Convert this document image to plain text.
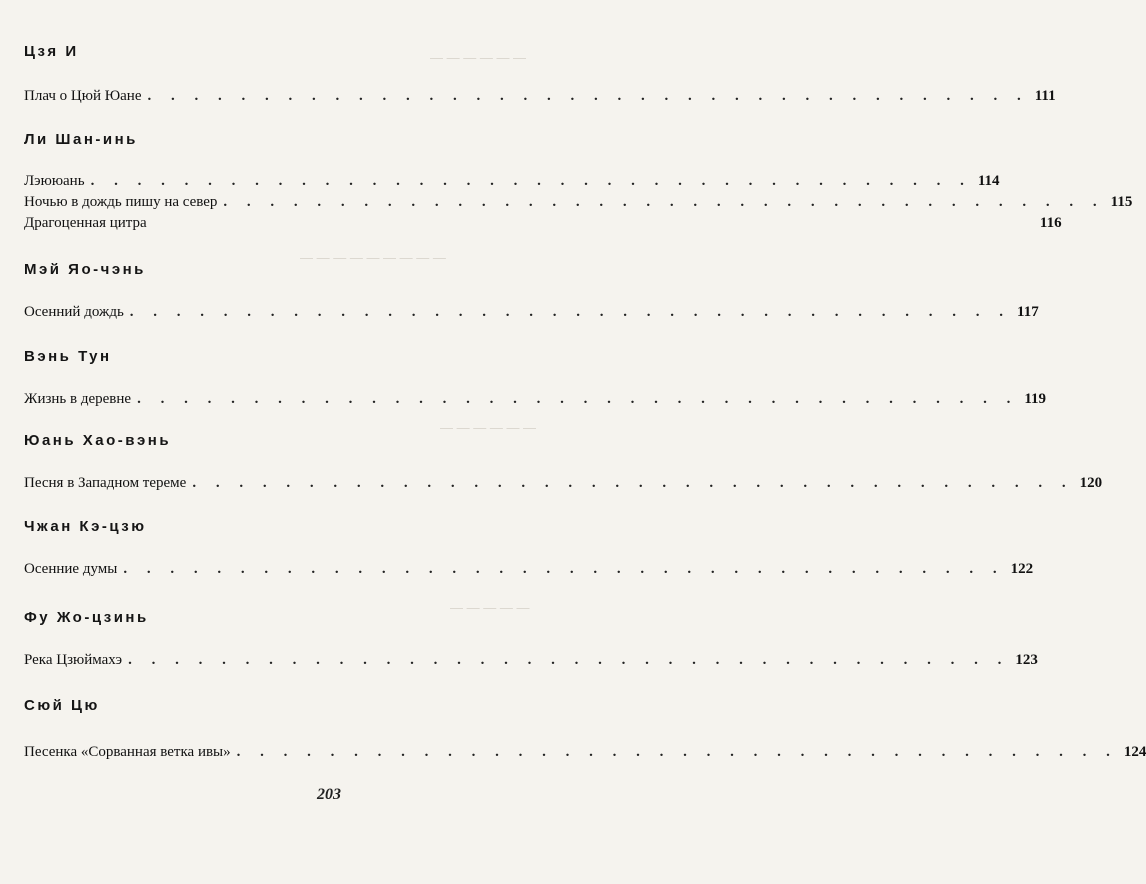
— — — — — —
— — — — — — — — —
— — — — — —
— — — — —
Цзя И
Плач о Цюй Юане . . . . . . . . . . . . . . . . . . . . . . . . . . . . . . . . . . . . . . 111
Ли Шан-инь
Лэююань . . . . . . . . . . . . . . . . . . . . . . . . . . . . . . . . . . . . . . 114
Ночью в дождь пишу на север . . . . . . . . . . . . . . . . . . . . . . . . . . . . . . . . . . . . . . 115
Драгоценная цитра	116
Мэй Яо-чэнь
Осенний дождь . . . . . . . . . . . . . . . . . . . . . . . . . . . . . . . . . . . . . . 117
Вэнь Тун
Жизнь в деревне . . . . . . . . . . . . . . . . . . . . . . . . . . . . . . . . . . . . . . 119
Юань Хао-вэнь
Песня в Западном тереме . . . . . . . . . . . . . . . . . . . . . . . . . . . . . . . . . . . . . . 120
Чжан Кэ-цзю
Осенние думы . . . . . . . . . . . . . . . . . . . . . . . . . . . . . . . . . . . . . . 122
Фу Жо-цзинь
Река Цзюймахэ . . . . . . . . . . . . . . . . . . . . . . . . . . . . . . . . . . . . . . 123
Сюй Цю
Песенка «Сорванная ветка ивы» . . . . . . . . . . . . . . . . . . . . . . . . . . . . . . . . . . . . . . 124
203
